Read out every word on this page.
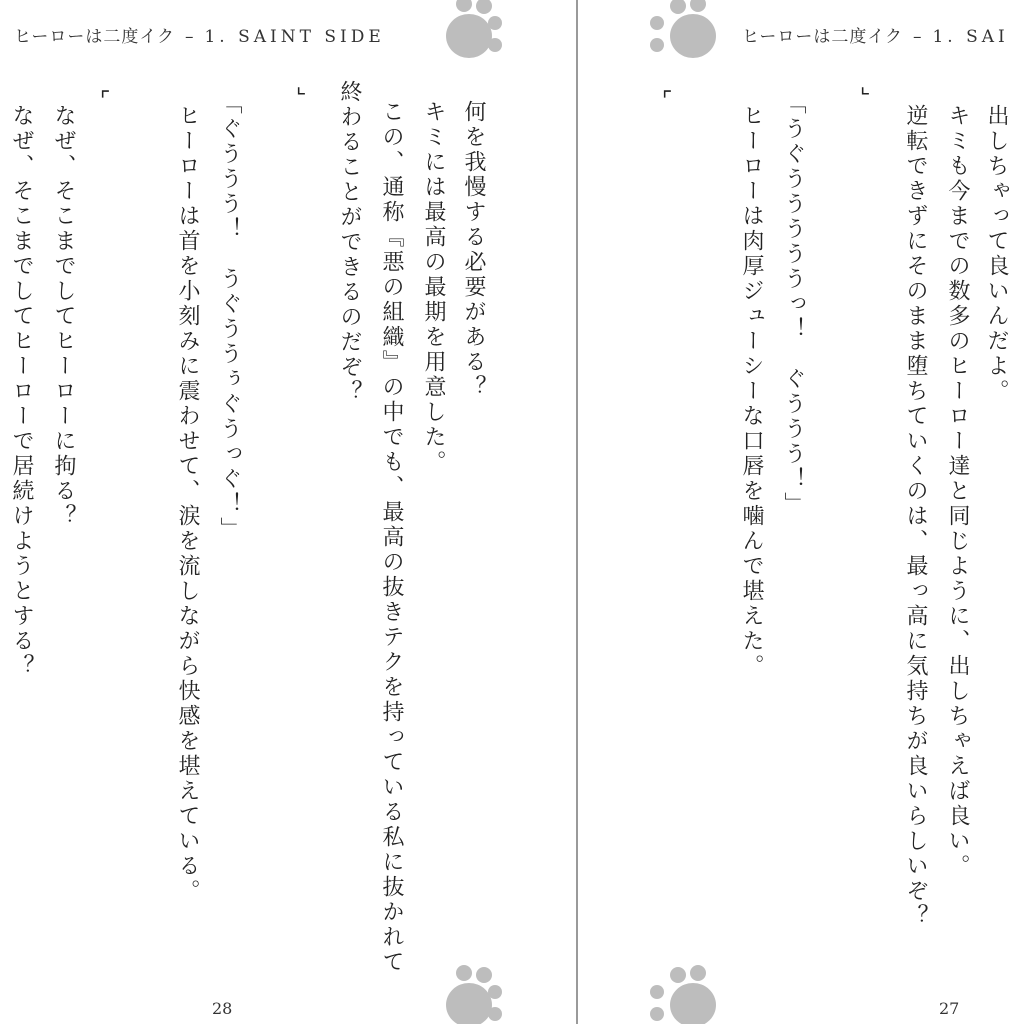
ヒーローは二度イク – 1. SAINT SIDE
⌞
⌜	何を我慢する必要がある？
キミには最高の最期を用意した。
この、通称『悪の組織』の中でも、最高の抜きテクを持っている私に抜かれて
終わることができるのだぞ？
「ぐううう！　うぐううぅぐうっぐ！」
ヒーローは首を小刻みに震わせて、涙を流しながら快感を堪えている。
なぜ、そこまでしてヒーローに拘る？
なぜ、そこまでしてヒーローで居続けようとする？
28
ヒーローは二度イク – 1. SAI
⌞
⌜
出しちゃって良いんだよ。
キミも今までの数多のヒーロー達と同じように、出しちゃえば良い。
逆転できずにそのまま堕ちていくのは、最っ高に気持ちが良いらしいぞ？
「うぐうううううっ！　ぐううう！」
ヒーローは肉厚ジューシーな口唇を噛んで堪えた。
27
